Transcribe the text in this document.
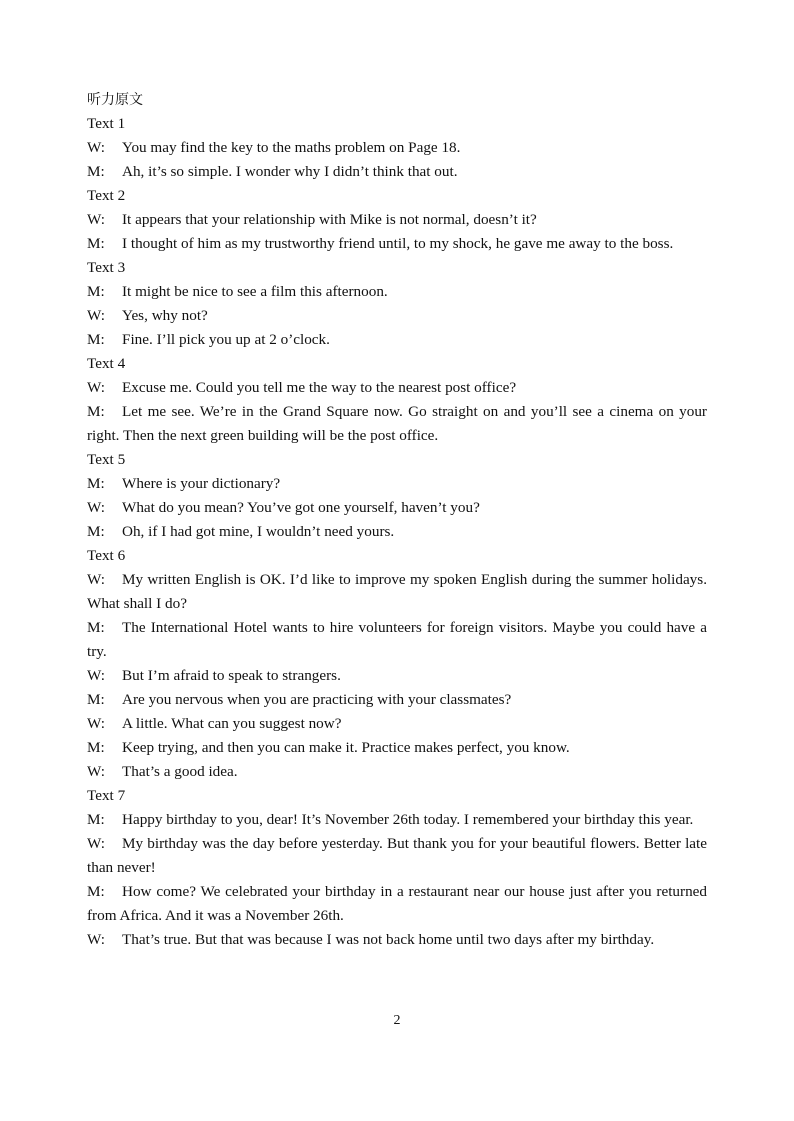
听力原文

Text 1

W: You may find the key to the maths problem on Page 18.

M: Ah, it’s so simple. I wonder why I didn’t think that out.

Text 2

W: It appears that your relationship with Mike is not normal, doesn’t it?

M: I thought of him as my trustworthy friend until, to my shock, he gave me away to the boss.

Text 3

M: It might be nice to see a film this afternoon.

W: Yes, why not?

M: Fine. I’ll pick you up at 2 o’clock.

Text 4

W: Excuse me. Could you tell me the way to the nearest post office?

M: Let me see. We’re in the Grand Square now. Go straight on and you’ll see a cinema on your right. Then the next green building will be the post office.

Text 5

M: Where is your dictionary?

W: What do you mean? You’ve got one yourself, haven’t you?

M: Oh, if I had got mine, I wouldn’t need yours.

Text 6

W: My written English is OK. I’d like to improve my spoken English during the summer holidays. What shall I do?

M: The International Hotel wants to hire volunteers for foreign visitors. Maybe you could have a try.

W: But I’m afraid to speak to strangers.

M: Are you nervous when you are practicing with your classmates?

W: A little. What can you suggest now?

M: Keep trying, and then you can make it. Practice makes perfect, you know.

W: That’s a good idea.

Text 7

M: Happy birthday to you, dear! It’s November 26th today. I remembered your birthday this year.

W: My birthday was the day before yesterday. But thank you for your beautiful flowers. Better late than never!

M: How come? We celebrated your birthday in a restaurant near our house just after you returned from Africa. And it was a November 26th.

W: That’s true. But that was because I was not back home until two days after my birthday.

2
